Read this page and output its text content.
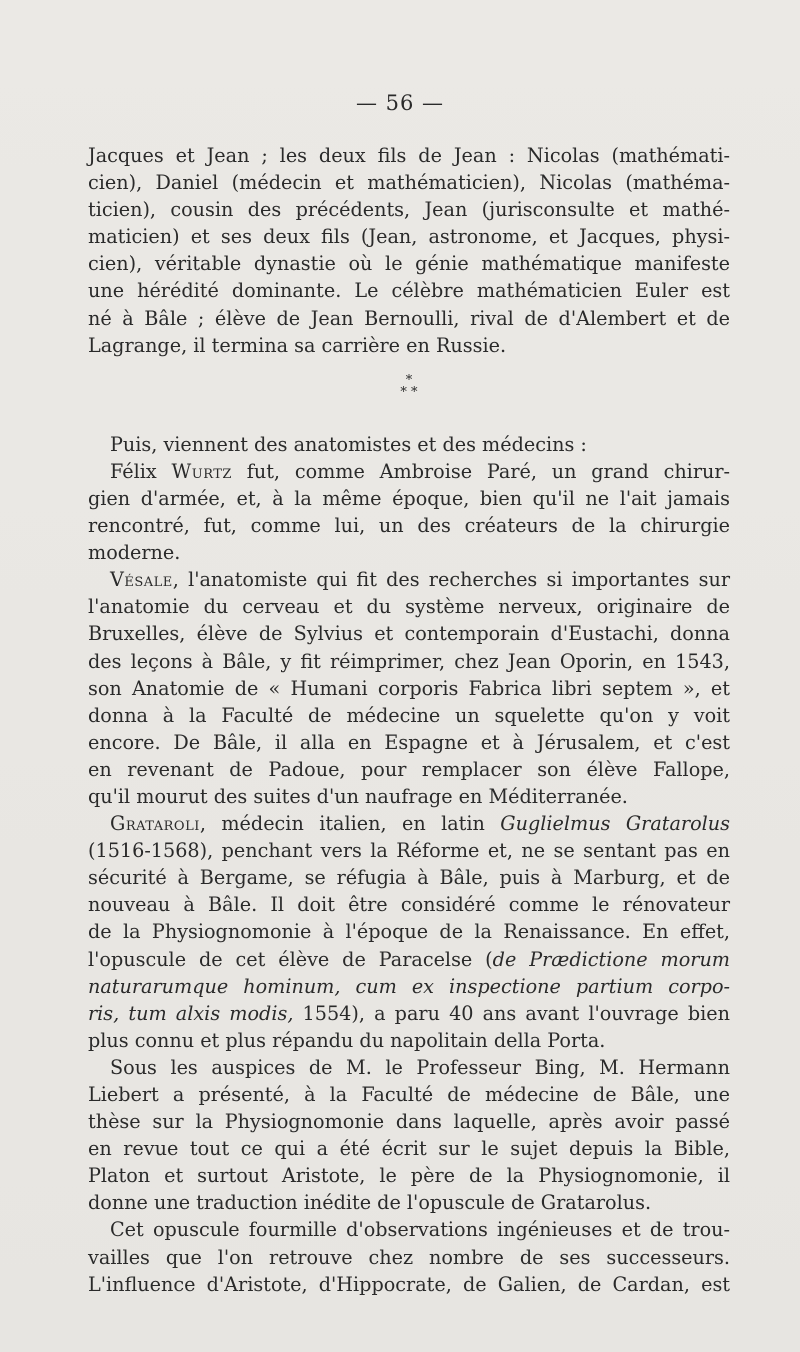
— 56 —
Jacques et Jean ; les deux fils de Jean : Nicolas (mathémati-
cien), Daniel (médecin et mathématicien), Nicolas (mathéma-
ticien), cousin des précédents, Jean (jurisconsulte et mathé-
maticien) et ses deux fils (Jean, astronome, et Jacques, physi-
cien), véritable dynastie où le génie mathématique manifeste
une hérédité dominante. Le célèbre mathématicien Euler est
né à Bâle ; élève de Jean Bernoulli, rival de d'Alembert et de
Lagrange, il termina sa carrière en Russie.
*
* *
Puis, viennent des anatomistes et des médecins :
Félix Wurtz fut, comme Ambroise Paré, un grand chirur-
gien d'armée, et, à la même époque, bien qu'il ne l'ait jamais
rencontré, fut, comme lui, un des créateurs de la chirurgie
moderne.
Vésale, l'anatomiste qui fit des recherches si importantes sur
l'anatomie du cerveau et du système nerveux, originaire de
Bruxelles, élève de Sylvius et contemporain d'Eustachi, donna
des leçons à Bâle, y fit réimprimer, chez Jean Oporin, en 1543,
son Anatomie de « Humani corporis Fabrica libri septem », et
donna à la Faculté de médecine un squelette qu'on y voit
encore. De Bâle, il alla en Espagne et à Jérusalem, et c'est
en revenant de Padoue, pour remplacer son élève Fallope,
qu'il mourut des suites d'un naufrage en Méditerranée.
Grataroli, médecin italien, en latin Guglielmus Gratarolus
(1516-1568), penchant vers la Réforme et, ne se sentant pas en
sécurité à Bergame, se réfugia à Bâle, puis à Marburg, et de
nouveau à Bâle. Il doit être considéré comme le rénovateur
de la Physiognomonie à l'époque de la Renaissance. En effet,
l'opuscule de cet élève de Paracelse (de Prædictione morum
naturarumque hominum, cum ex inspectione partium corpo-
ris, tum alxis modis, 1554), a paru 40 ans avant l'ouvrage bien
plus connu et plus répandu du napolitain della Porta.
Sous les auspices de M. le Professeur Bing, M. Hermann
Liebert a présenté, à la Faculté de médecine de Bâle, une
thèse sur la Physiognomonie dans laquelle, après avoir passé
en revue tout ce qui a été écrit sur le sujet depuis la Bible,
Platon et surtout Aristote, le père de la Physiognomonie, il
donne une traduction inédite de l'opuscule de Gratarolus.
Cet opuscule fourmille d'observations ingénieuses et de trou-
vailles que l'on retrouve chez nombre de ses successeurs.
L'influence d'Aristote, d'Hippocrate, de Galien, de Cardan, est
